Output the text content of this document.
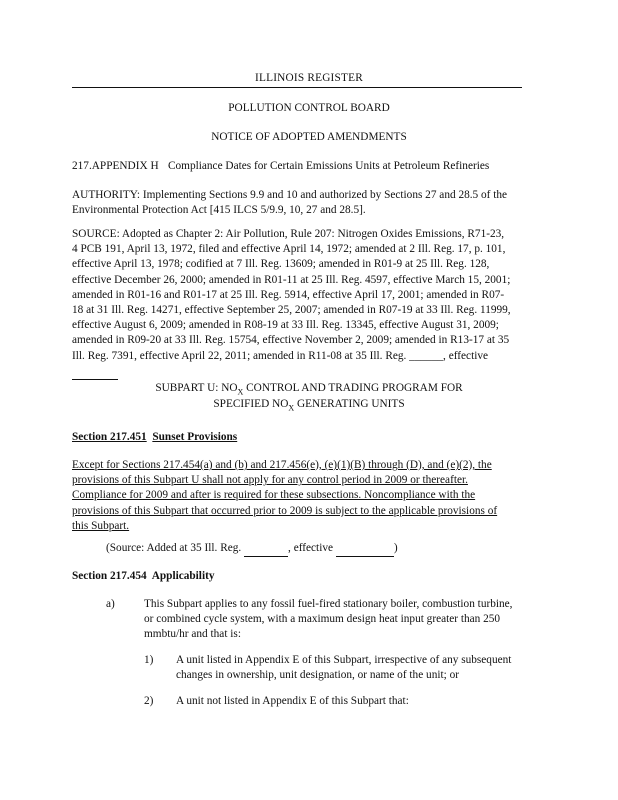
ILLINOIS REGISTER
POLLUTION CONTROL BOARD
NOTICE OF ADOPTED AMENDMENTS
217.APPENDIX H Compliance Dates for Certain Emissions Units at Petroleum Refineries
AUTHORITY: Implementing Sections 9.9 and 10 and authorized by Sections 27 and 28.5 of the Environmental Protection Act [415 ILCS 5/9.9, 10, 27 and 28.5].
SOURCE: Adopted as Chapter 2: Air Pollution, Rule 207: Nitrogen Oxides Emissions, R71-23,
4 PCB 191, April 13, 1972, filed and effective April 14, 1972; amended at 2 Ill. Reg. 17, p. 101,
effective April 13, 1978; codified at 7 Ill. Reg. 13609; amended in R01-9 at 25 Ill. Reg. 128,
effective December 26, 2000; amended in R01-11 at 25 Ill. Reg. 4597, effective March 15, 2001;
amended in R01-16 and R01-17 at 25 Ill. Reg. 5914, effective April 17, 2001; amended in R07-
18 at 31 Ill. Reg. 14271, effective September 25, 2007; amended in R07-19 at 33 Ill. Reg. 11999,
effective August 6, 2009; amended in R08-19 at 33 Ill. Reg. 13345, effective August 31, 2009;
amended in R09-20 at 33 Ill. Reg. 15754, effective November 2, 2009; amended in R13-17 at 35
Ill. Reg. 7391, effective April 22, 2011; amended in R11-08 at 35 Ill. Reg. ______, effective

SUBPART U: $NO_X$ CONTROL AND TRADING PROGRAM FOR
SPECIFIED $NO_X$ GENERATING UNITS
Section 217.451 Sunset Provisions
Except for Sections 217.454(a) and (b) and 217.456(e), (e)(1)(B) through (D), and (e)(2), the
provisions of this Subpart U shall not apply for any control period in 2009 or thereafter.
Compliance for 2009 and after is required for these subsections. Noncompliance with the
provisions of this Subpart that occurred prior to 2009 is subject to the applicable provisions of
this Subpart.
(Source: Added at 35 Ill. Reg.	, effective	)
Section 217.454 Applicability
a)	This Subpart applies to any fossil fuel-fired stationary boiler, combustion turbine,
or combined cycle system, with a maximum design heat input greater than 250
mmbtu/hr and that is:
1) A unit listed in Appendix E of this Subpart, irrespective of any subsequent
changes in ownership, unit designation, or name of the unit; or
2) A unit not listed in Appendix E of this Subpart that:
